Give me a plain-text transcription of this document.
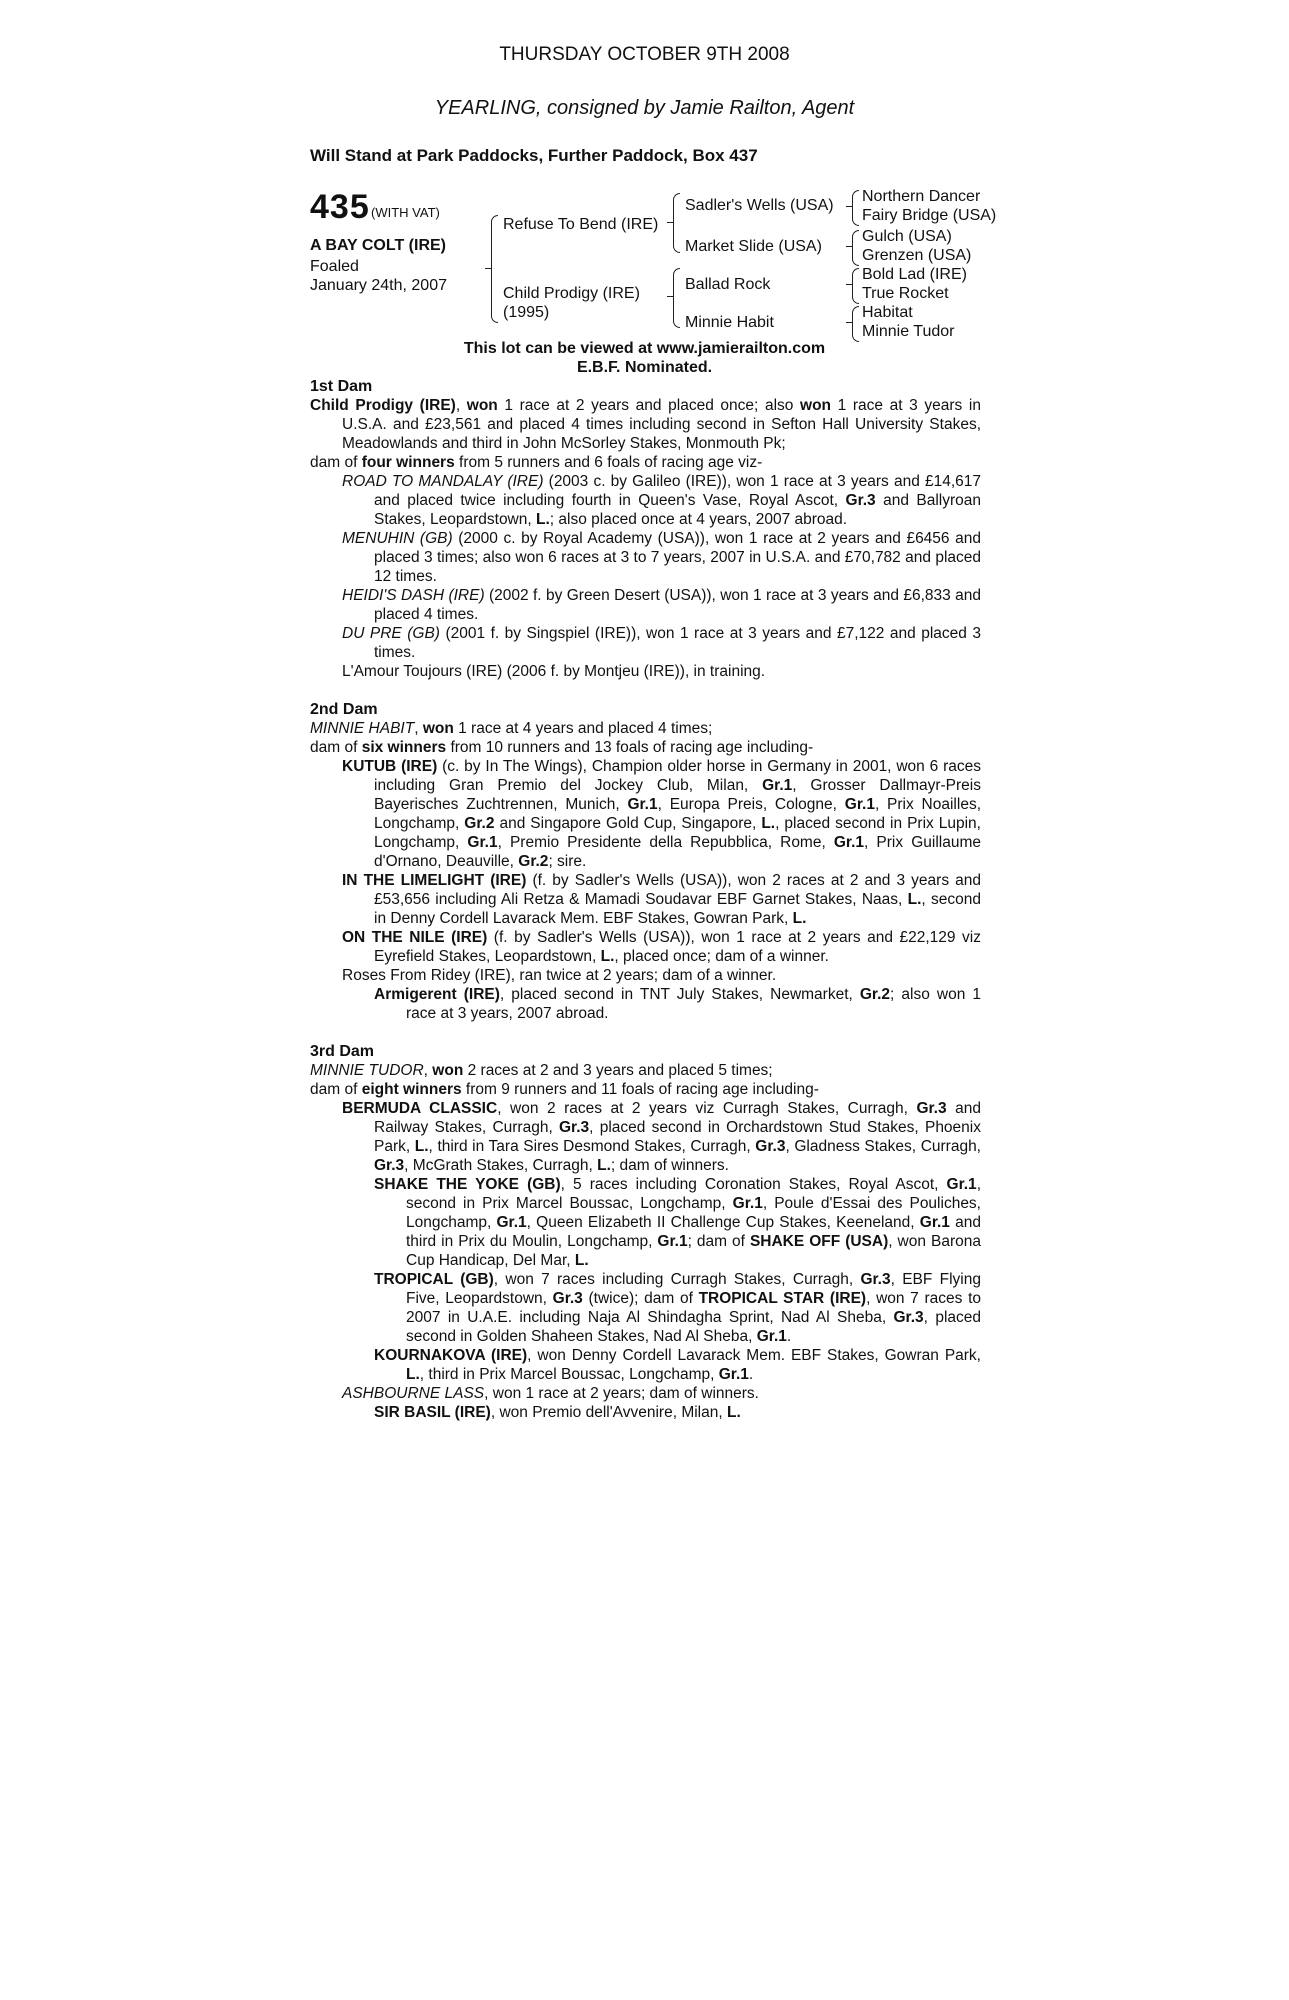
THURSDAY OCTOBER 9TH 2008
YEARLING, consigned by Jamie Railton, Agent
Will Stand at Park Paddocks, Further Paddock, Box 437
435 (WITH VAT)
A BAY COLT (IRE)
Foaled
January 24th, 2007
Refuse To Bend (IRE)
Child Prodigy (IRE)
(1995)
Sadler's Wells (USA)
Market Slide (USA)
Ballad Rock
Minnie Habit
Northern Dancer
Fairy Bridge (USA)
Gulch (USA)
Grenzen (USA)
Bold Lad (IRE)
True Rocket
Habitat
Minnie Tudor
This lot can be viewed at www.jamierailton.com
E.B.F. Nominated.

1st Dam

Child Prodigy (IRE), won 1 race at 2 years and placed once; also won 1 race at 3 years in U.S.A. and £23,561 and placed 4 times including second in Sefton Hall University Stakes, Meadowlands and third in John McSorley Stakes, Monmouth Pk;

dam of four winners from 5 runners and 6 foals of racing age viz-

ROAD TO MANDALAY (IRE) (2003 c. by Galileo (IRE)), won 1 race at 3 years and £14,617 and placed twice including fourth in Queen's Vase, Royal Ascot, Gr.3 and Ballyroan Stakes, Leopardstown, L.; also placed once at 4 years, 2007 abroad.

MENUHIN (GB) (2000 c. by Royal Academy (USA)), won 1 race at 2 years and £6456 and placed 3 times; also won 6 races at 3 to 7 years, 2007 in U.S.A. and £70,782 and placed 12 times.

HEIDI'S DASH (IRE) (2002 f. by Green Desert (USA)), won 1 race at 3 years and £6,833 and placed 4 times.

DU PRE (GB) (2001 f. by Singspiel (IRE)), won 1 race at 3 years and £7,122 and placed 3 times.

L'Amour Toujours (IRE) (2006 f. by Montjeu (IRE)), in training.

2nd Dam

MINNIE HABIT, won 1 race at 4 years and placed 4 times;

dam of six winners from 10 runners and 13 foals of racing age including-

KUTUB (IRE) (c. by In The Wings), Champion older horse in Germany in 2001, won 6 races including Gran Premio del Jockey Club, Milan, Gr.1, Grosser Dallmayr-Preis Bayerisches Zuchtrennen, Munich, Gr.1, Europa Preis, Cologne, Gr.1, Prix Noailles, Longchamp, Gr.2 and Singapore Gold Cup, Singapore, L., placed second in Prix Lupin, Longchamp, Gr.1, Premio Presidente della Repubblica, Rome, Gr.1, Prix Guillaume d'Ornano, Deauville, Gr.2; sire.

IN THE LIMELIGHT (IRE) (f. by Sadler's Wells (USA)), won 2 races at 2 and 3 years and £53,656 including Ali Retza & Mamadi Soudavar EBF Garnet Stakes, Naas, L., second in Denny Cordell Lavarack Mem. EBF Stakes, Gowran Park, L.

ON THE NILE (IRE) (f. by Sadler's Wells (USA)), won 1 race at 2 years and £22,129 viz Eyrefield Stakes, Leopardstown, L., placed once; dam of a winner.

Roses From Ridey (IRE), ran twice at 2 years; dam of a winner.

Armigerent (IRE), placed second in TNT July Stakes, Newmarket, Gr.2; also won 1 race at 3 years, 2007 abroad.

3rd Dam

MINNIE TUDOR, won 2 races at 2 and 3 years and placed 5 times;

dam of eight winners from 9 runners and 11 foals of racing age including-

BERMUDA CLASSIC, won 2 races at 2 years viz Curragh Stakes, Curragh, Gr.3 and Railway Stakes, Curragh, Gr.3, placed second in Orchardstown Stud Stakes, Phoenix Park, L., third in Tara Sires Desmond Stakes, Curragh, Gr.3, Gladness Stakes, Curragh, Gr.3, McGrath Stakes, Curragh, L.; dam of winners.

SHAKE THE YOKE (GB), 5 races including Coronation Stakes, Royal Ascot, Gr.1, second in Prix Marcel Boussac, Longchamp, Gr.1, Poule d'Essai des Pouliches, Longchamp, Gr.1, Queen Elizabeth II Challenge Cup Stakes, Keeneland, Gr.1 and third in Prix du Moulin, Longchamp, Gr.1; dam of SHAKE OFF (USA), won Barona Cup Handicap, Del Mar, L.

TROPICAL (GB), won 7 races including Curragh Stakes, Curragh, Gr.3, EBF Flying Five, Leopardstown, Gr.3 (twice); dam of TROPICAL STAR (IRE), won 7 races to 2007 in U.A.E. including Naja Al Shindagha Sprint, Nad Al Sheba, Gr.3, placed second in Golden Shaheen Stakes, Nad Al Sheba, Gr.1.

KOURNAKOVA (IRE), won Denny Cordell Lavarack Mem. EBF Stakes, Gowran Park, L., third in Prix Marcel Boussac, Longchamp, Gr.1.

ASHBOURNE LASS, won 1 race at 2 years; dam of winners.

SIR BASIL (IRE), won Premio dell'Avvenire, Milan, L.
